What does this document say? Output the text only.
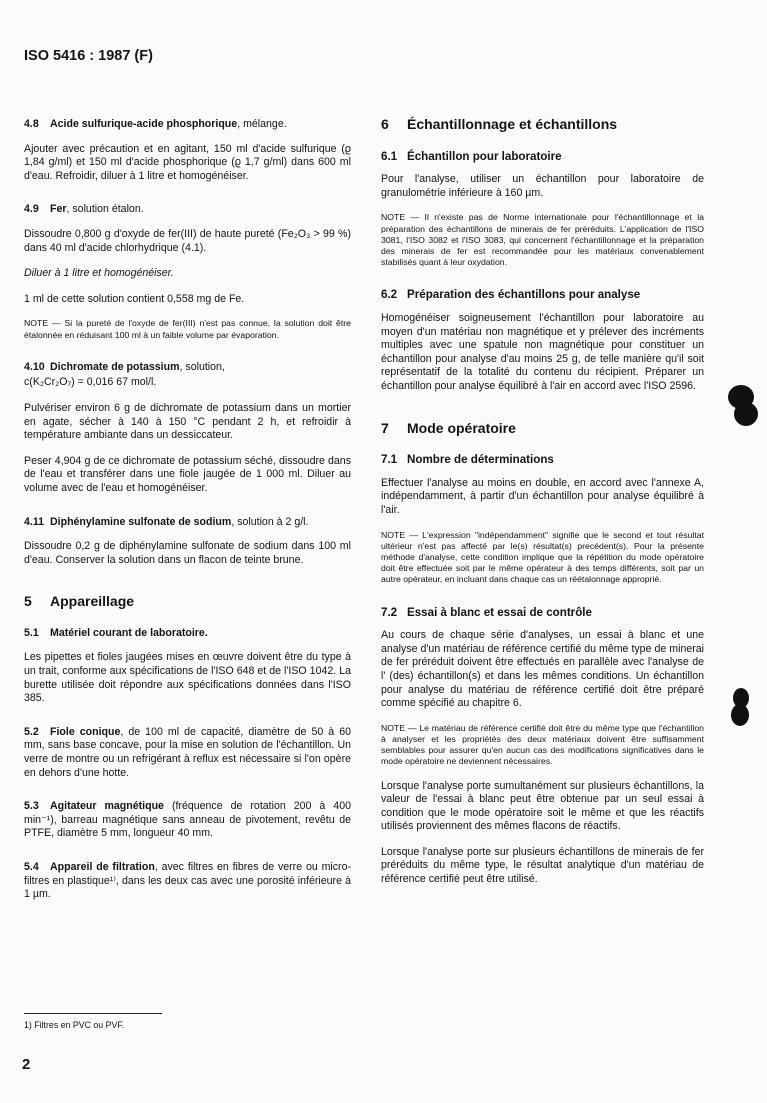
ISO 5416 : 1987 (F)
4.8 Acide sulfurique-acide phosphorique, mélange.

Ajouter avec précaution et en agitant, 150 ml d'acide sulfurique (ϱ 1,84 g/ml) et 150 ml d'acide phosphorique (ϱ 1,7 g/ml) dans 600 ml d'eau. Refroidir, diluer à 1 litre et homogénéiser.

4.9 Fer, solution étalon.

Dissoudre 0,800 g d'oxyde de fer(III) de haute pureté (Fe₂O₃ > 99 %) dans 40 ml d'acide chlorhydrique (4.1).

Diluer à 1 litre et homogénéiser.

1 ml de cette solution contient 0,558 mg de Fe.

NOTE — Si la pureté de l'oxyde de fer(III) n'est pas connue, la solution doit être étalonnée en réduisant 100 ml à un faible volume par évaporation.

4.10 Dichromate de potassium, solution,

c(K₂Cr₂O₇) = 0,016 67 mol/l.

Pulvériser environ 6 g de dichromate de potassium dans un mortier en agate, sécher à 140 à 150 °C pendant 2 h, et refroidir à température ambiante dans un dessiccateur.

Peser 4,904 g de ce dichromate de potassium séché, dissoudre dans de l'eau et transférer dans une fiole jaugée de 1 000 ml. Diluer au volume avec de l'eau et homogénéiser.

4.11 Diphénylamine sulfonate de sodium, solution à 2 g/l.

Dissoudre 0,2 g de diphénylamine sulfonate de sodium dans 100 ml d'eau. Conserver la solution dans un flacon de teinte brune.

5 Appareillage
5.1 Matériel courant de laboratoire.

Les pipettes et fioles jaugées mises en œuvre doivent être du type à un trait, conforme aux spécifications de l'ISO 648 et de l'ISO 1042. La burette utilisée doit répondre aux spécifications données dans l'ISO 385.

5.2 Fiole conique, de 100 ml de capacité, diamètre de 50 à 60 mm, sans base concave, pour la mise en solution de l'échantillon. Un verre de montre ou un refrigérant à reflux est nécessaire si l'on opère en dehors d'une hotte.

5.3 Agitateur magnétique (fréquence de rotation 200 à 400 min⁻¹), barreau magnétique sans anneau de pivotement, revêtu de PTFE, diamètre 5 mm, longueur 40 mm.

5.4 Appareil de filtration, avec filtres en fibres de verre ou micro-filtres en plastique¹⁾, dans les deux cas avec une porosité inférieure à 1 µm.

6 Échantillonnage et échantillons
6.1 Échantillon pour laboratoire

Pour l'analyse, utiliser un échantillon pour laboratoire de granulométrie inférieure à 160 µm.

NOTE — Il n'existe pas de Norme internationale pour l'échantillonnage et la préparation des échantillons de minerais de fer préréduits. L'application de l'ISO 3081, l'ISO 3082 et l'ISO 3083, qui concernent l'échantillonnage et la préparation des minerais de fer est recommandée pour les matériaux convenablement stabilisés quant à leur oxydation.

6.2 Préparation des échantillons pour analyse

Homogénéiser soigneusement l'échantillon pour laboratoire au moyen d'un matériau non magnétique et y prélever des incréments multiples avec une spatule non magnétique pour constituer un échantillon pour analyse d'au moins 25 g, de telle manière qu'il soit représentatif de la totalité du contenu du récipient. Préparer un échantillon pour analyse équilibré à l'air en accord avec l'ISO 2596.

7 Mode opératoire
7.1 Nombre de déterminations

Effectuer l'analyse au moins en double, en accord avec l'annexe A, indépendamment, à partir d'un échantillon pour analyse équilibré à l'air.

NOTE — L'expression "indépendamment" signifie que le second et tout résultat ultérieur n'est pas affecté par le(s) résultat(s) precédent(s). Pour la présente méthode d'analyse, cette condition implique que la répétition du mode opératoire doit être effectuée soit par le même opérateur à des temps différents, soit par un autre opérateur, en incluant dans chaque cas un réétalonnage approprié.

7.2 Essai à blanc et essai de contrôle

Au cours de chaque série d'analyses, un essai à blanc et une analyse d'un matériau de référence certifié du même type de minerai de fer préréduit doivent être effectués en parallèle avec l'analyse de l' (des) échantillon(s) et dans les mêmes conditions. Un échantillon pour analyse du matériau de référence certifié doit être préparé comme spécifié au chapitre 6.

NOTE — Le matériau de référence certifié doit être du même type que l'échantillon à analyser et les propriétés des deux matériaux doivent être suffisamment semblables pour assurer qu'en aucun cas des modifications significatives dans le mode opératoire ne deviennent nécessaires.

Lorsque l'analyse porte sumultanément sur plusieurs échantillons, la valeur de l'essai à blanc peut être obtenue par un seul essai à condition que le mode opératoire soit le même et que les réactifs utilisés proviennent des mêmes flacons de réactifs.

Lorsque l'analyse porte sur plusieurs échantillons de minerais de fer préréduits du même type, le résultat analytique d'un matériau de référence certifié peut être utilisé.

1) Filtres en PVC ou PVF.
2
